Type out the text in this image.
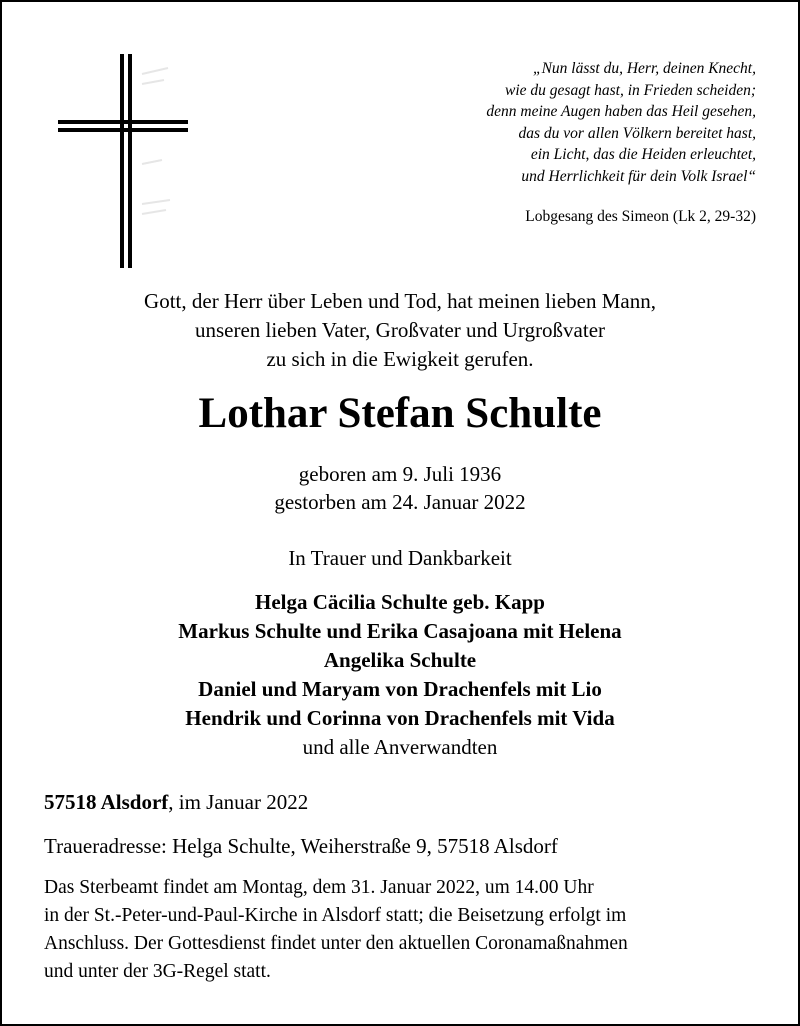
„Nun lässt du, Herr, deinen Knecht,
wie du gesagt hast, in Frieden scheiden;
denn meine Augen haben das Heil gesehen,
das du vor allen Völkern bereitet hast,
ein Licht, das die Heiden erleuchtet,
und Herrlichkeit für dein Volk Israel“
Lobgesang des Simeon (Lk 2, 29-32)
Gott, der Herr über Leben und Tod, hat meinen lieben Mann,
unseren lieben Vater, Großvater und Urgroßvater
zu sich in die Ewigkeit gerufen.
Lothar Stefan Schulte
geboren am 9. Juli 1936
gestorben am 24. Januar 2022
In Trauer und Dankbarkeit
Helga Cäcilia Schulte geb. Kapp
Markus Schulte und Erika Casajoana mit Helena
Angelika Schulte
Daniel und Maryam von Drachenfels mit Lio
Hendrik und Corinna von Drachenfels mit Vida
und alle Anverwandten
57518 Alsdorf, im Januar 2022
Traueradresse: Helga Schulte, Weiherstraße 9, 57518 Alsdorf
Das Sterbeamt findet am Montag, dem 31. Januar 2022, um 14.00 Uhr
in der St.-Peter-und-Paul-Kirche in Alsdorf statt; die Beisetzung erfolgt im
Anschluss. Der Gottesdienst findet unter den aktuellen Coronamaßnahmen
und unter der 3G-Regel statt.
